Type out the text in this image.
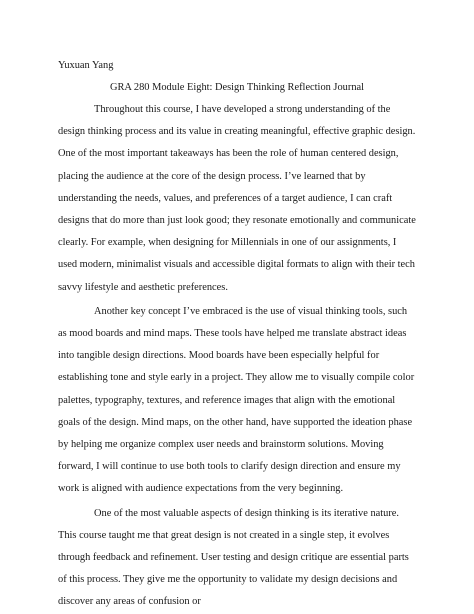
Yuxuan Yang

GRA 280 Module Eight: Design Thinking Reflection Journal

Throughout this course, I have developed a strong understanding of the design thinking process and its value in creating meaningful, effective graphic design. One of the most important takeaways has been the role of human centered design, placing the audience at the core of the design process. I’ve learned that by understanding the needs, values, and preferences of a target audience, I can craft designs that do more than just look good; they resonate emotionally and communicate clearly. For example, when designing for Millennials in one of our assignments, I used modern, minimalist visuals and accessible digital formats to align with their tech savvy lifestyle and aesthetic preferences.

Another key concept I’ve embraced is the use of visual thinking tools, such as mood boards and mind maps. These tools have helped me translate abstract ideas into tangible design directions. Mood boards have been especially helpful for establishing tone and style early in a project. They allow me to visually compile color palettes, typography, textures, and reference images that align with the emotional goals of the design. Mind maps, on the other hand, have supported the ideation phase by helping me organize complex user needs and brainstorm solutions. Moving forward, I will continue to use both tools to clarify design direction and ensure my work is aligned with audience expectations from the very beginning.

One of the most valuable aspects of design thinking is its iterative nature. This course taught me that great design is not created in a single step, it evolves through feedback and refinement. User testing and design critique are essential parts of this process. They give me the opportunity to validate my design decisions and discover any areas of confusion or
